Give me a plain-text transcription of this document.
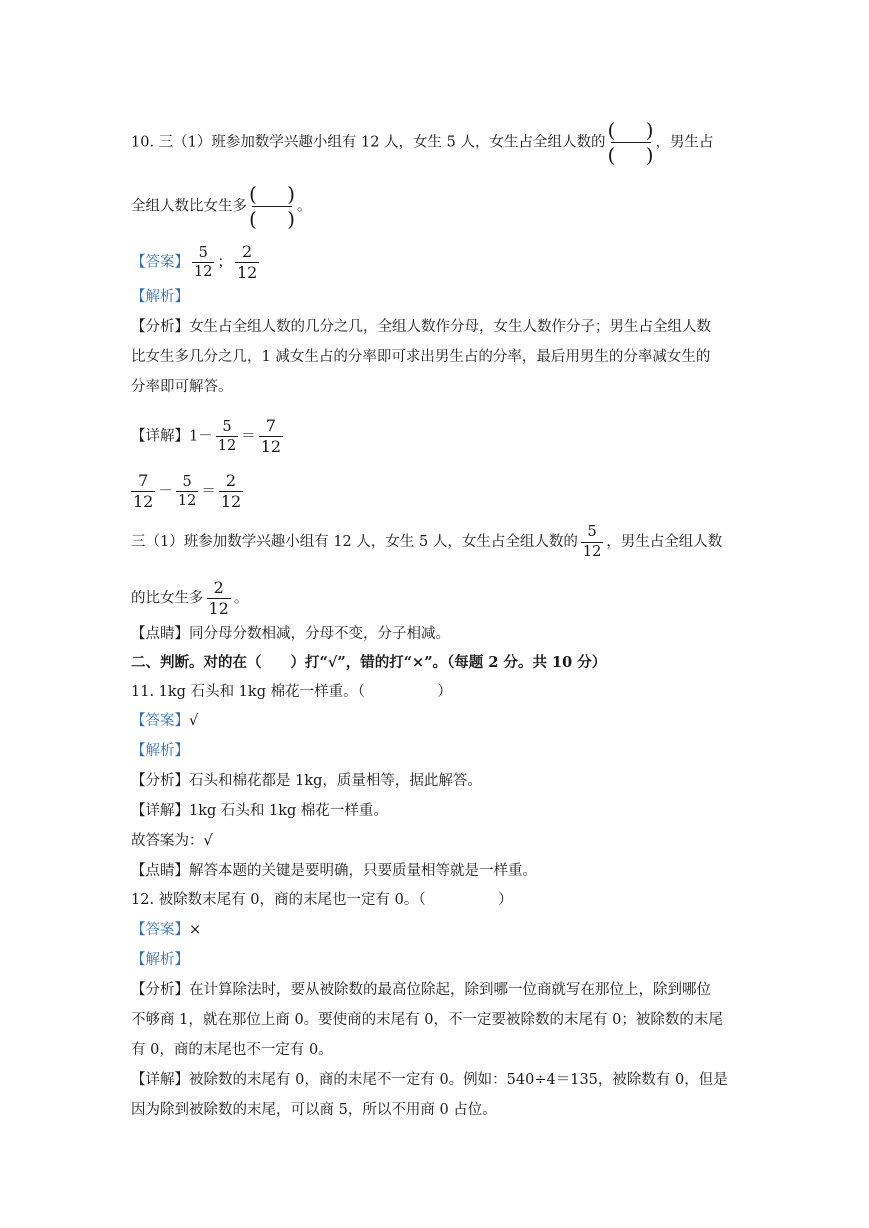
10. 三（1）班参加数学兴趣小组有 12 人，女生 5 人，女生占全组人数的
( )
( )
，男生占
全组人数比女生多
( )
( )
。
【答案】 $\frac{5}{12}$ ； $\frac{2}{12}$
【解析】
【分析】女生占全组人数的几分之几，全组人数作分母，女生人数作分子；男生占全组人数
比女生多几分之几，1 减女生占的分率即可求出男生占的分率，最后用男生的分率减女生的
分率即可解答。
【详解】$1- \frac{5}{12} = \frac{7}{12}$
$\frac{7}{12} - \frac{5}{12} = \frac{2}{12}$
三（1）班参加数学兴趣小组有 12 人，女生 5 人，女生占全组人数的 $\frac{5}{12}$ ，男生占全组人数
的比女生多 $\frac{2}{12}$ 。
【点睛】同分母分数相减，分母不变，分子相减。
二、判断。对的在（　　）打“√”，错的打“×”。（每题 2 分。共 10 分）
11. 1kg 石头和 1kg 棉花一样重。（　　　　　）
【答案】√
【解析】
【分析】石头和棉花都是 1kg，质量相等，据此解答。
【详解】1kg 石头和 1kg 棉花一样重。
故答案为：√
【点睛】解答本题的关键是要明确，只要质量相等就是一样重。
12. 被除数末尾有 0，商的末尾也一定有 0。（　　　　　）
【答案】×
【解析】
【分析】在计算除法时，要从被除数的最高位除起，除到哪一位商就写在那位上，除到哪位
不够商 1，就在那位上商 0。要使商的末尾有 0，不一定要被除数的末尾有 0；被除数的末尾
有 0，商的末尾也不一定有 0。
【详解】被除数的末尾有 0，商的末尾不一定有 0。例如：540÷4＝135，被除数有 0，但是
因为除到被除数的末尾，可以商 5，所以不用商 0 占位。
